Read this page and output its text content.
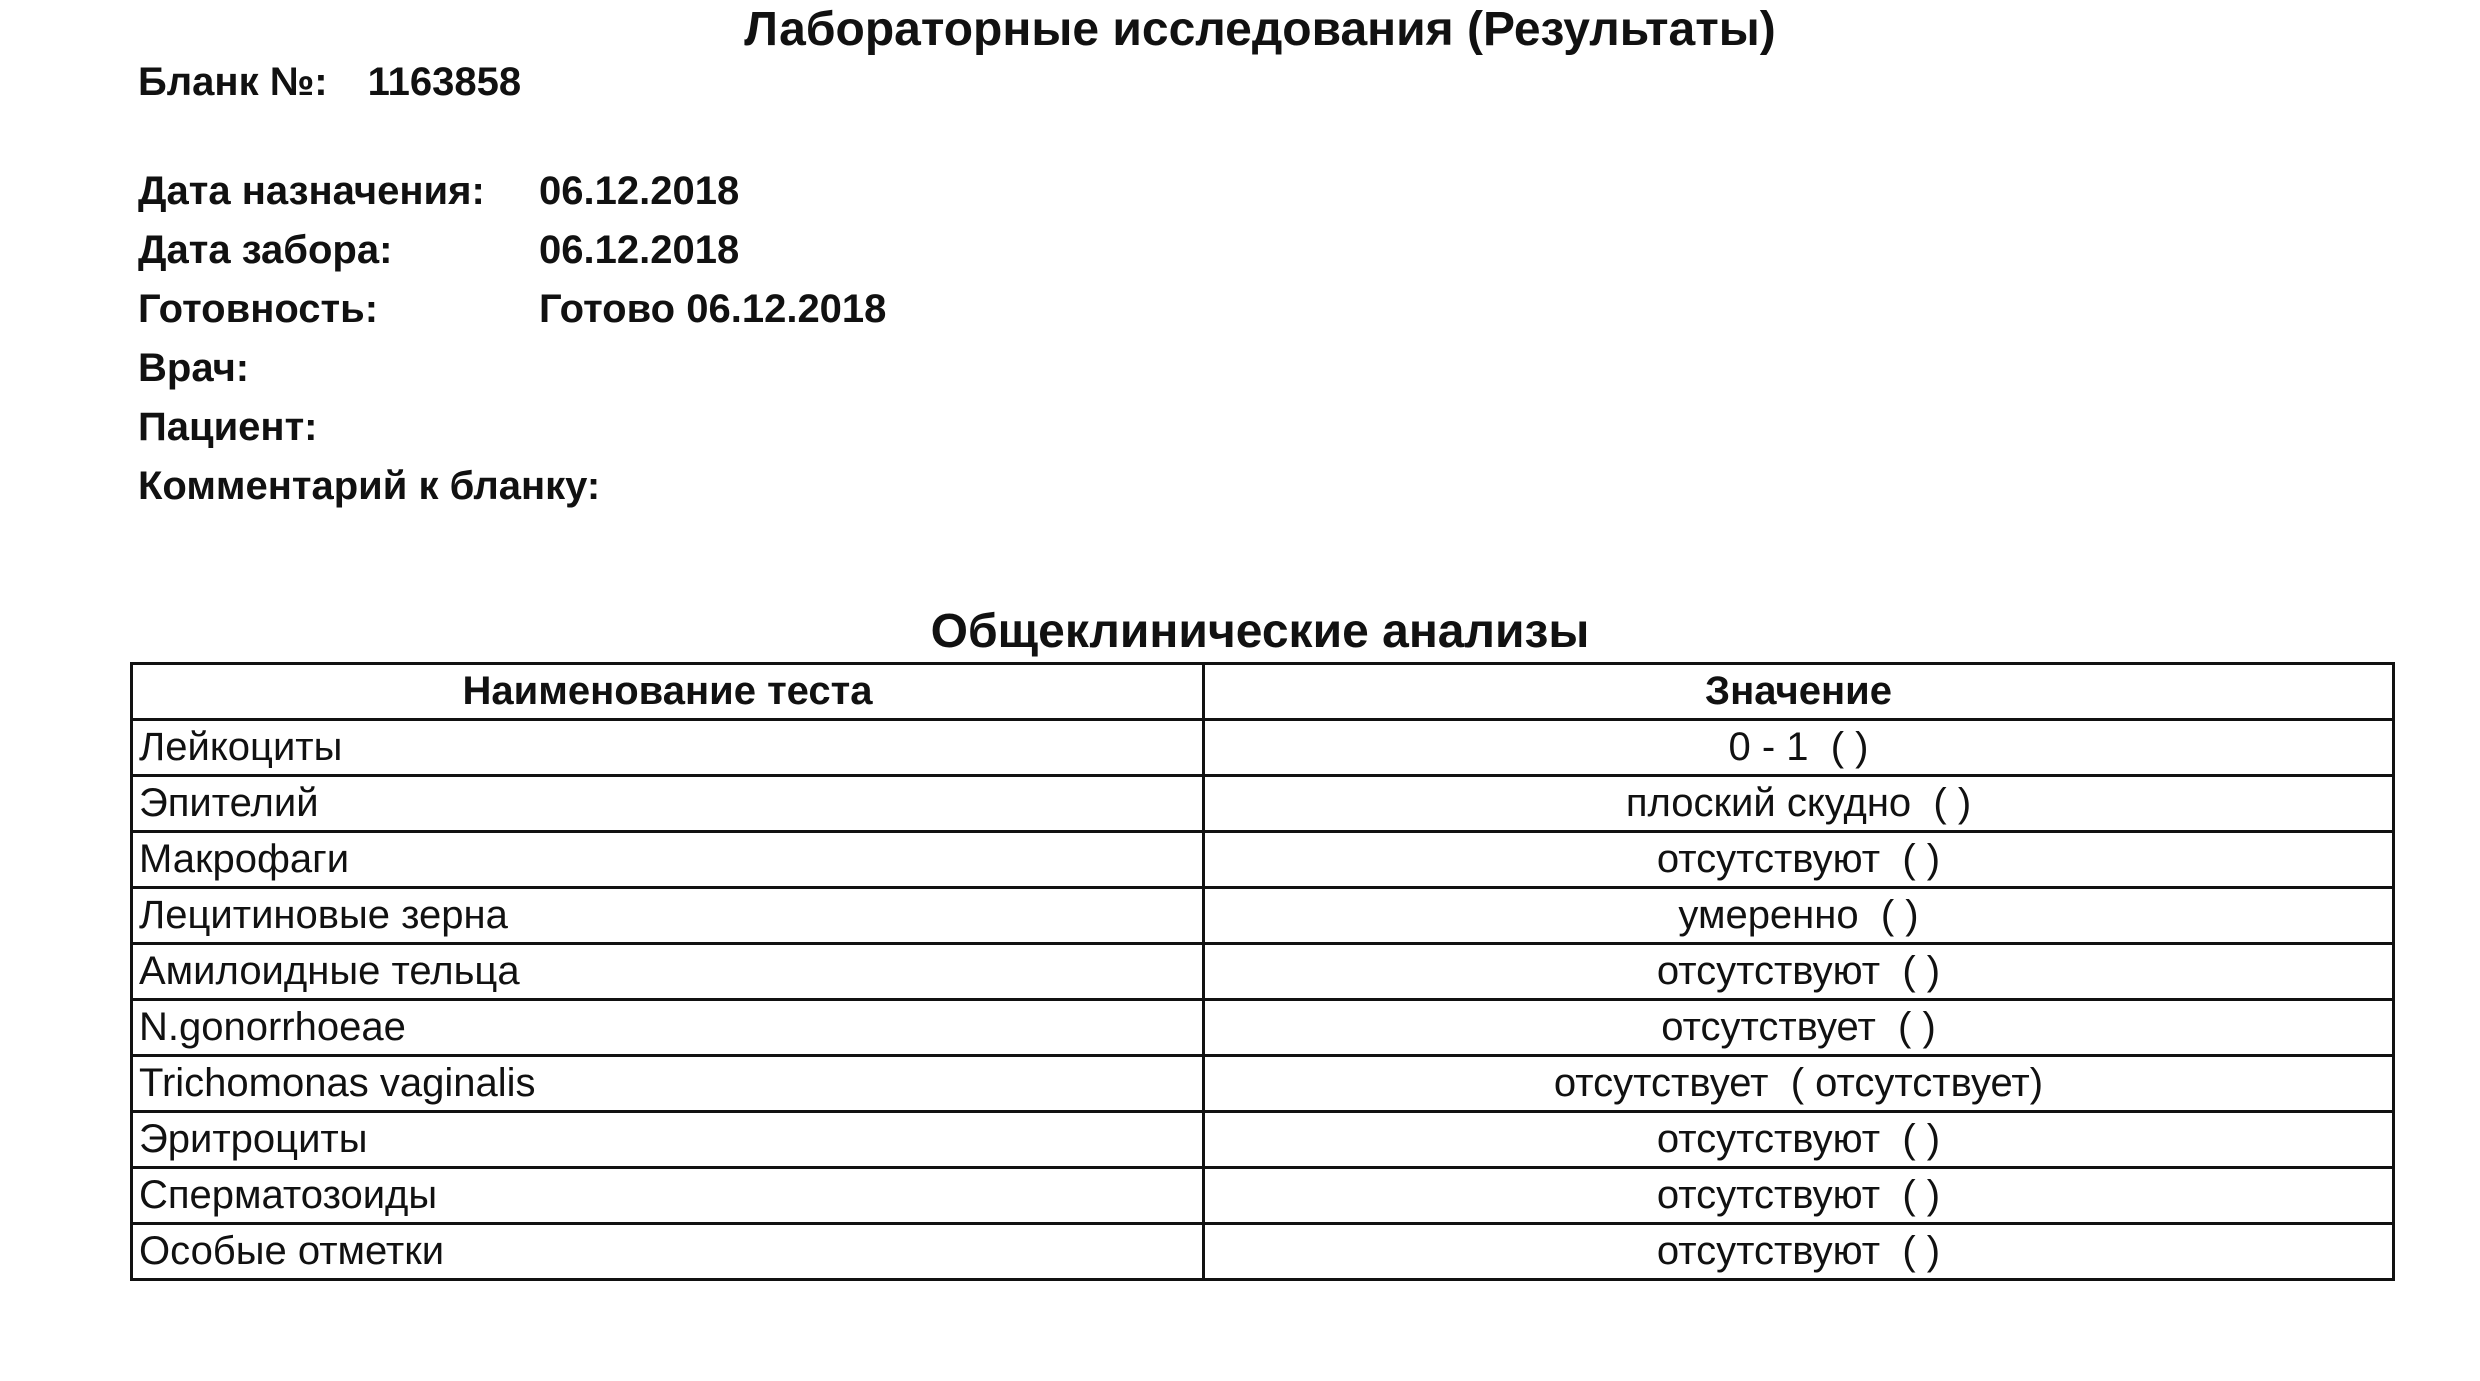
Лабораторные исследования (Результаты)
Бланк №: 1163858
Дата назначения: 06.12.2018
Дата забора:	06.12.2018
Готовность:	Готово 06.12.2018
Врач:
Пациент:
Комментарий к бланку:
Общеклинические анализы
Наименование теста	Значение
Лейкоциты	0 - 1  ( )
Эпителий	плоский скудно  ( )
Макрофаги	отсутствуют  ( )
Лецитиновые зерна	умеренно  ( )
Амилоидные тельца	отсутствуют  ( )
N.gonorrhoeae	отсутствует  ( )
Trichomonas vaginalis	отсутствует  ( отсутствует)
Эритроциты	отсутствуют  ( )
Сперматозоиды	отсутствуют  ( )
Особые отметки	отсутствуют  ( )
